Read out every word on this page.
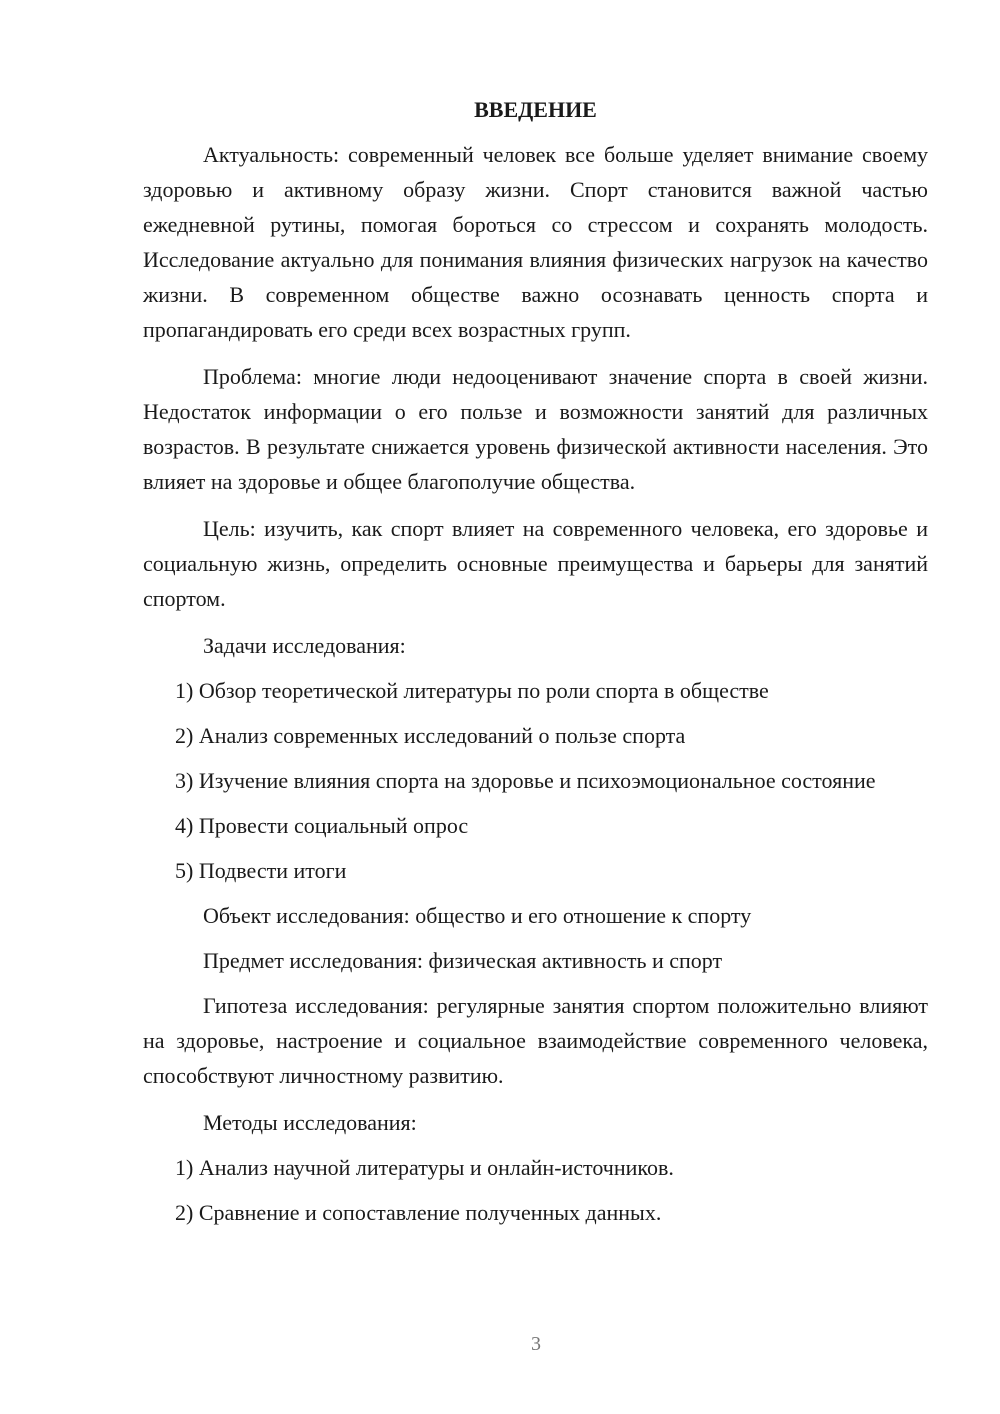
ВВЕДЕНИЕ

Актуальность: современный человек все больше уделяет внимание своему здоровью и активному образу жизни. Спорт становится важной частью ежедневной рутины, помогая бороться со стрессом и сохранять молодость. Исследование актуально для понимания влияния физических нагрузок на качество жизни. В современном обществе важно осознавать ценность спорта и пропагандировать его среди всех возрастных групп.

Проблема: многие люди недооценивают значение спорта в своей жизни. Недостаток информации о его пользе и возможности занятий для различных возрастов. В результате снижается уровень физической активности населения. Это влияет на здоровье и общее благополучие общества.

Цель: изучить, как спорт влияет на современного человека, его здоровье и социальную жизнь, определить основные преимущества и барьеры для занятий спортом.

Задачи исследования:
1) Обзор теоретической литературы по роли спорта в обществе
2) Анализ современных исследований о пользе спорта
3) Изучение влияния спорта на здоровье и психоэмоциональное состояние
4) Провести социальный опрос
5) Подвести итоги
Объект исследования: общество и его отношение к спорту
Предмет исследования: физическая активность и спорт

Гипотеза исследования: регулярные занятия спортом положительно влияют на здоровье, настроение и социальное взаимодействие современного человека, способствуют личностному развитию.

Методы исследования:
1) Анализ научной литературы и онлайн-источников.
2) Сравнение и сопоставление полученных данных.
3
